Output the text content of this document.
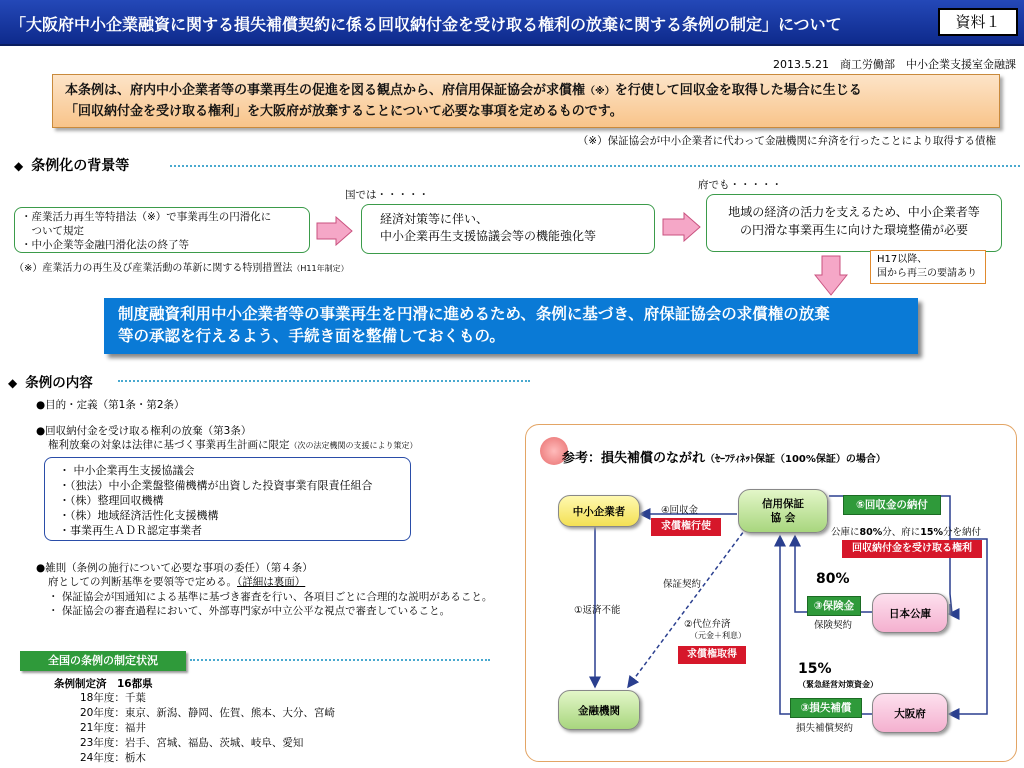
「大阪府中小企業融資に関する損失補償契約に係る回収納付金を受け取る権利の放棄に関する条例の制定」について	資料１
2013.5.21　商工労働部　中小企業支援室金融課
本条例は、府内中小企業者等の事業再生の促進を図る観点から、府信用保証協会が求償権（※）を行使して回収金を取得した場合に生じる
「回収納付金を受け取る権利」を大阪府が放棄することについて必要な事項を定めるものです。
（※）保証協会が中小企業者に代わって金融機関に弁済を行ったことにより取得する債権
◆ 条例化の背景等
国では・・・・・
府でも・・・・・
・産業活力再生等特措法（※）で事業再生の円滑化に
　ついて規定
・中小企業等金融円滑化法の終了等
経済対策等に伴い、
中小企業再生支援協議会等の機能強化等
地域の経済の活力を支えるため、中小企業者等
の円滑な事業再生に向けた環境整備が必要
（※）産業活力の再生及び産業活動の革新に関する特別措置法（H11年制定）
H17以降、
国から再三の要請あり
制度融資利用中小企業者等の事業再生を円滑に進めるため、条例に基づき、府保証協会の求償権の放棄
等の承認を行えるよう、手続き面を整備しておくもの。
◆ 条例の内容
●目的・定義（第1条・第2条）
●回収納付金を受け取る権利の放棄（第3条）
権利放棄の対象は法律に基づく事業再生計画に限定（次の法定機関の支援により策定）
・ 中小企業再生支援協議会
・（独法）中小企業盤整備機構が出資した投資事業有限責任組合
・（株）整理回収機構
・（株）地域経済活性化支援機構
・事業再生ＡＤＲ認定事業者
●雑則（条例の施行について必要な事項の委任）（第４条）
府としての判断基準を要領等で定める。（詳細は裏面）
・ 保証協会が国通知による基準に基づき審査を行い、各項目ごとに合理的な説明があること。
・ 保証協会の審査過程において、外部専門家が中立公平な視点で審査していること。
全国の条例の制定状況
条例制定済　16都県
18年度：千葉
20年度：東京、新潟、静岡、佐賀、熊本、大分、宮崎
21年度：福井
23年度：岩手、宮城、福島、茨城、岐阜、愛知
24年度：栃木
参考：損失補償のながれ（ｾｰﾌﾃｨﾈｯﾄ保証（100%保証）の場合）
中小企業者
信用保証
協 会
金融機関
日本公庫
大阪府
④回収金
求償権行使
⑤回収金の納付
公庫に80%分、府に15%分を納付
回収納付金を受け取る権利
保証契約
①返済不能
②代位弁済
（元金＋利息）
求償権取得
80%
③保険金
保険契約
15%
（緊急経営対策資金）
③損失補償
損失補償契約
